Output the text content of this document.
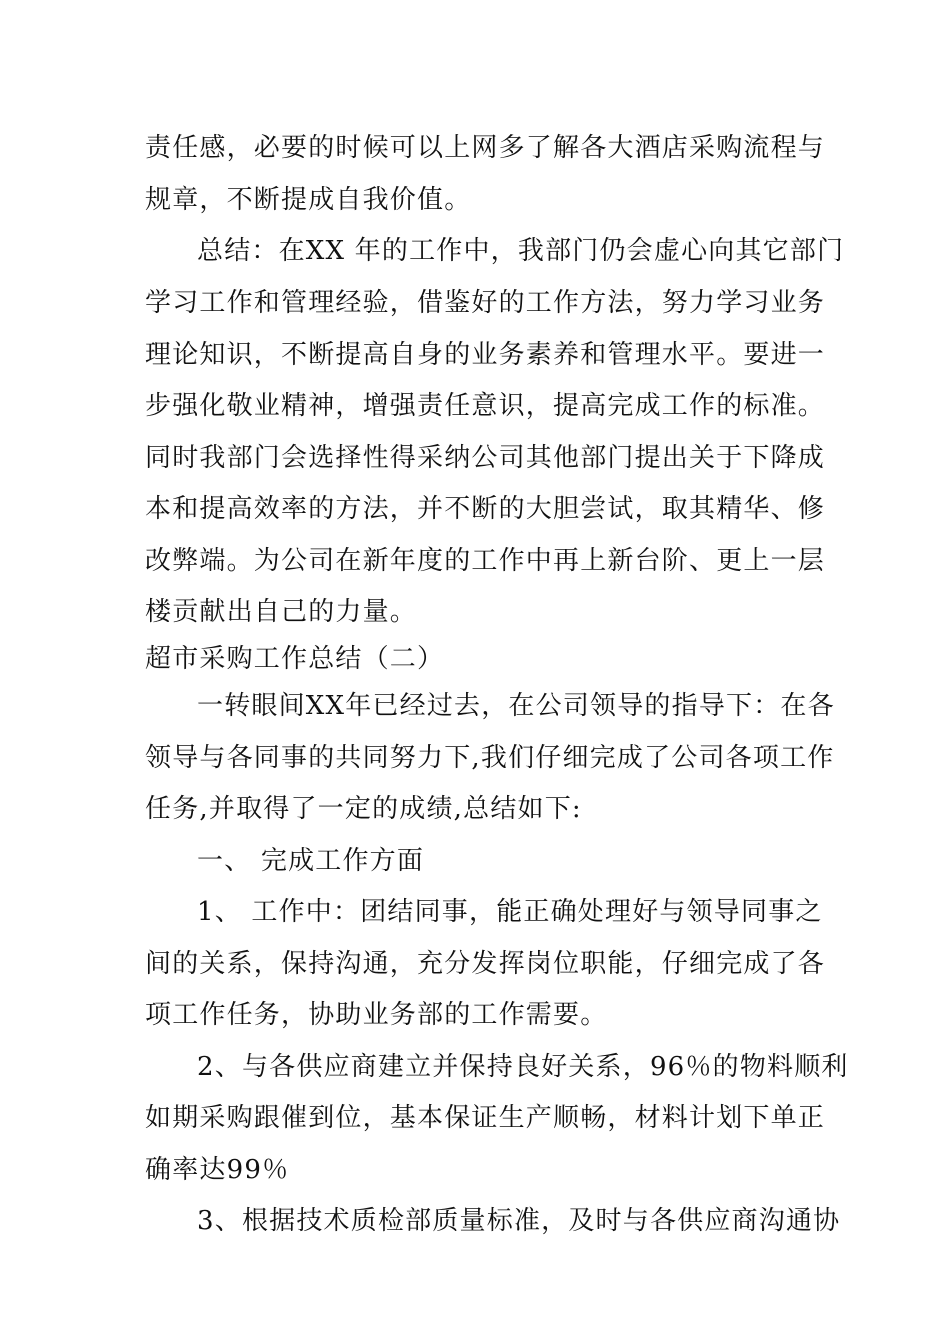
责任感，必要的时候可以上网多了解各大酒店采购流程与
规章，不断提成自我价值。
总结：在XX 年的工作中，我部门仍会虚心向其它部门
学习工作和管理经验，借鉴好的工作方法，努力学习业务
理论知识，不断提高自身的业务素养和管理水平。要进一
步强化敬业精神，增强责任意识，提高完成工作的标准。
同时我部门会选择性得采纳公司其他部门提出关于下降成
本和提高效率的方法，并不断的大胆尝试，取其精华、修
改弊端。为公司在新年度的工作中再上新台阶、更上一层
楼贡献出自己的力量。
超市采购工作总结（二）
一转眼间XX年已经过去，在公司领导的指导下：在各
领导与各同事的共同努力下,我们仔细完成了公司各项工作
任务,并取得了一定的成绩,总结如下:
一、 完成工作方面
1、 工作中：团结同事，能正确处理好与领导同事之
间的关系，保持沟通，充分发挥岗位职能，仔细完成了各
项工作任务，协助业务部的工作需要。
2、与各供应商建立并保持良好关系，96％的物料顺利
如期采购跟催到位，基本保证生产顺畅，材料计划下单正
确率达99％
3、根据技术质检部质量标准，及时与各供应商沟通协
